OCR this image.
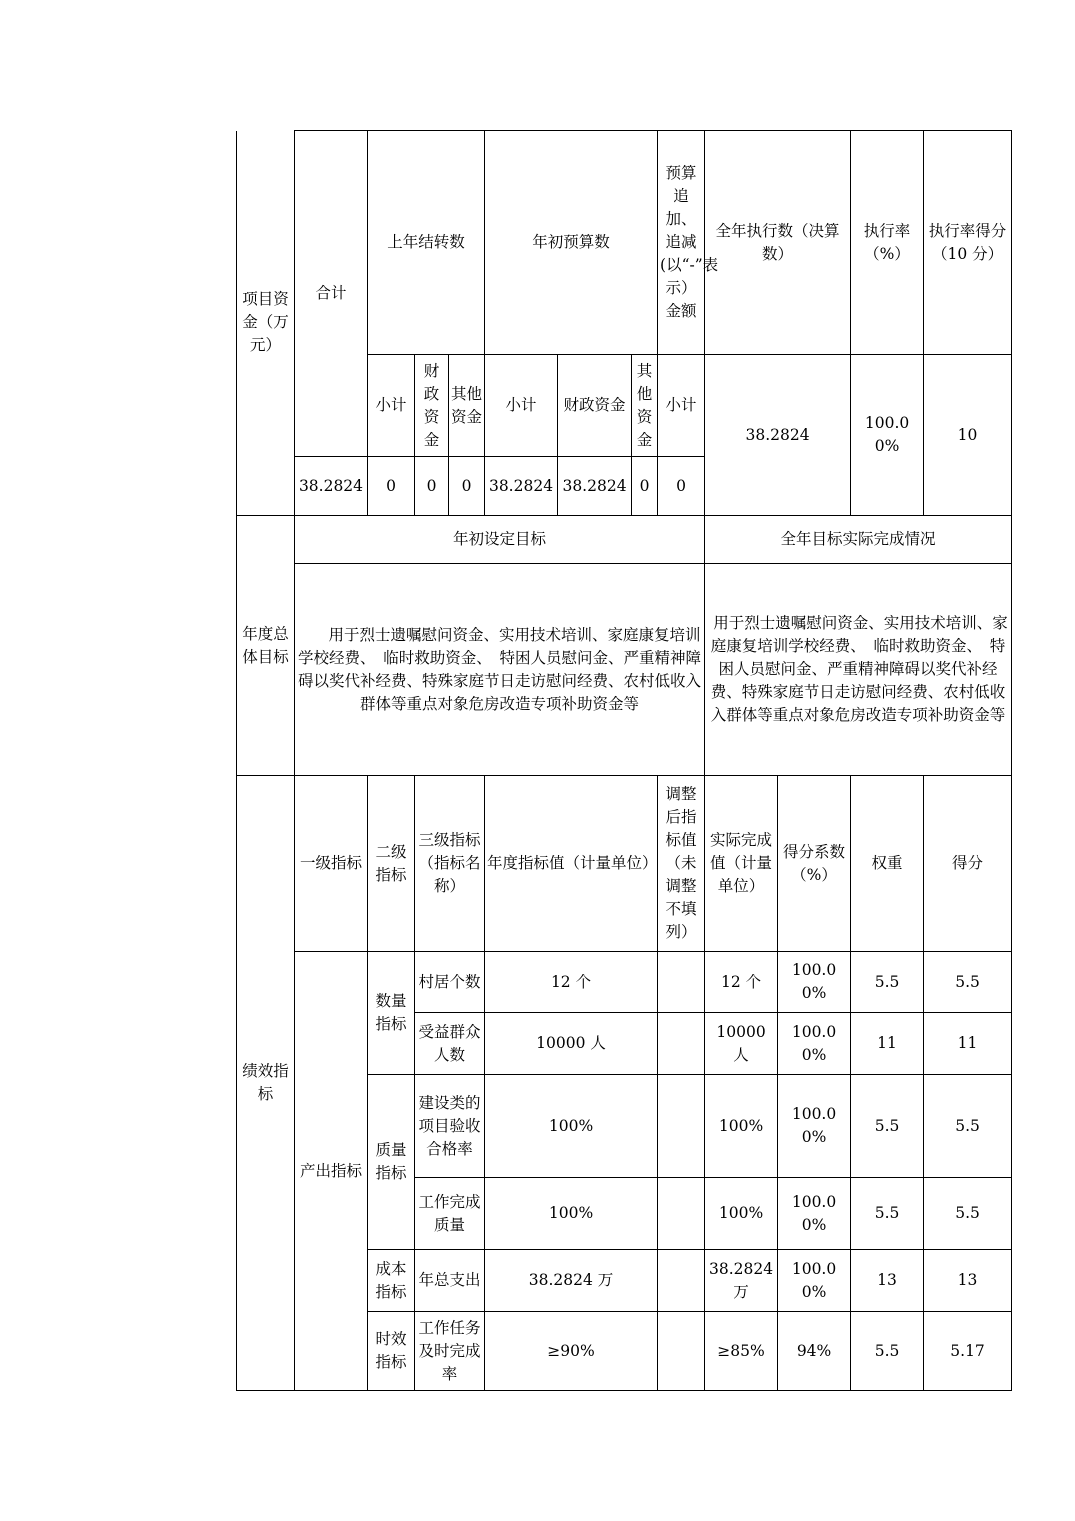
项目资金（万元）	合计	上年结转数			年初预算数			预算追加、追减(以“-”表示）金额	全年执行数（决算数）		执行率（%）	执行率得分（10 分）
		小计	财政资金	其他资金	小计	财政资金	其他资金	小计	38.2824		100.00%	10
	38.2824	0	0	0	38.2824	38.2824	0	0				
年度总体目标	年初设定目标								全年目标实际完成情况			
	用于烈士遗嘱慰问资金、实用技术培训、家庭康复培训学校经费、　临时救助资金、　特困人员慰问金、严重精神障碍以奖代补经费、特殊家庭节日走访慰问经费、农村低收入群体等重点对象危房改造专项补助资金等								用于烈士遗嘱慰问资金、实用技术培训、家庭康复培训学校经费、　临时救助资金、　特困人员慰问金、严重精神障碍以奖代补经费、特殊家庭节日走访慰问经费、农村低收入群体等重点对象危房改造专项补助资金等			
绩效指标	一级指标	二级指标	三级指标（指标名称）		年度指标值（计量单位）			调整后指标值（未调整不填列）	实际完成值（计量单位）	得分系数（%）	权重	得分
	产出指标	数量指标	村居个数		12 个				12 个	100.00%	5.5	5.5
			受益群众人数		10000 人				10000 人	100.00%	11	11
		质量指标	建设类的项目验收合格率		100%				100%	100.00%	5.5	5.5
			工作完成质量		100%				100%	100.00%	5.5	5.5
		成本指标	年总支出		38.2824 万				38.2824万	100.00%	13	13
		时效指标	工作任务及时完成率		≥90%				≥85%	94%	5.5	5.17
